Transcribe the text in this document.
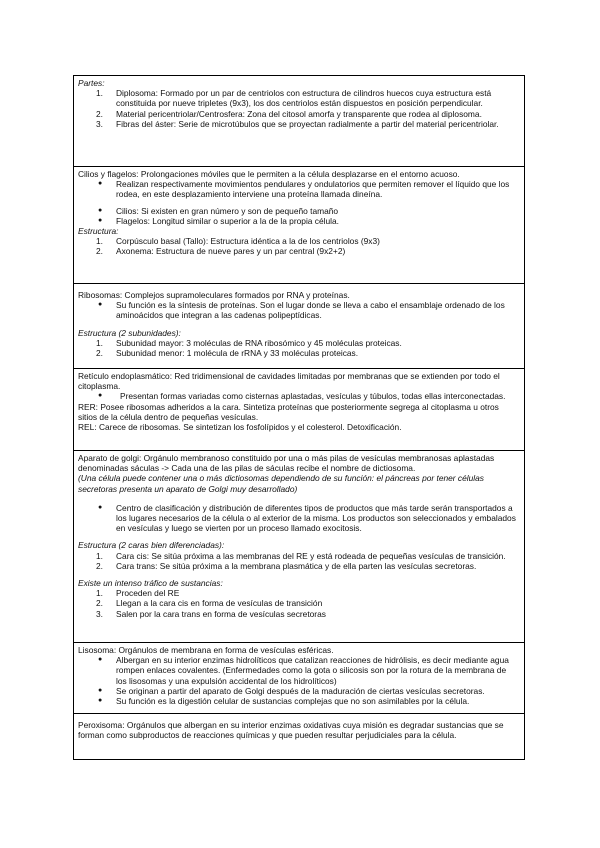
Partes:

1. Diplosoma: Formado por un par de centriolos con estructura de cilindros huecos cuya estructura está constituida por nueve tripletes (9x3), los dos centriolos están dispuestos en posición perpendicular.

2. Material pericentriolar/Centrosfera: Zona del citosol amorfa y transparente que rodea al diplosoma.

3. Fibras del áster: Serie de microtúbulos que se proyectan radialmente a partir del material pericentriolar.

Cilios y flagelos: Prolongaciones móviles que le permiten a la célula desplazarse en el entorno acuoso.

● Realizan respectivamente movimientos pendulares y ondulatorios que permiten remover el líquido que los rodea, en este desplazamiento interviene una proteína llamada dineína.

● Cilios: Si existen en gran número y son de pequeño tamaño

● Flagelos: Longitud similar o superior a la de la propia célula.

Estructura:

1. Corpúsculo basal (Tallo): Estructura idéntica a la de los centriolos (9x3)

2. Axonema: Estructura de nueve pares y un par central (9x2+2)

Ribosomas: Complejos supramoleculares formados por RNA y proteínas.

● Su función es la síntesis de proteínas. Son el lugar donde se lleva a cabo el ensamblaje ordenado de los aminoácidos que integran a las cadenas polipeptídicas.

Estructura (2 subunidades):

1. Subunidad mayor: 3 moléculas de RNA ribosómico y 45 moléculas proteicas.

2. Subunidad menor: 1 molécula de rRNA y 33 moléculas proteicas.

Retículo endoplasmático: Red tridimensional de cavidades limitadas por membranas que se extienden por todo el citoplasma.

● Presentan formas variadas como cisternas aplastadas, vesículas y túbulos, todas ellas interconectadas.

RER: Posee ribosomas adheridos a la cara. Sintetiza proteínas que posteriormente segrega al citoplasma u otros sitios de la célula dentro de pequeñas vesículas.

REL: Carece de ribosomas. Se sintetizan los fosfolípidos y el colesterol. Detoxificación.

Aparato de golgi: Orgánulo membranoso constituido por una o más pilas de vesículas membranosas aplastadas denominadas sáculas -> Cada una de las pilas de sáculas recibe el nombre de dictiosoma.

(Una célula puede contener una o más dictiosomas dependiendo de su función: el páncreas por tener células secretoras presenta un aparato de Golgi muy desarrollado)

● Centro de clasificación y distribución de diferentes tipos de productos que más tarde serán transportados a los lugares necesarios de la célula o al exterior de la misma. Los productos son seleccionados y embalados en vesículas y luego se vierten por un proceso llamado exocitosis.

Estructura (2 caras bien diferenciadas):

1. Cara cis: Se sitúa próxima a las membranas del RE y está rodeada de pequeñas vesículas de transición.

2. Cara trans: Se sitúa próxima a la membrana plasmática y de ella parten las vesículas secretoras.

Existe un intenso tráfico de sustancias:

1. Proceden del RE

2. Llegan a la cara cis en forma de vesículas de transición

3. Salen por la cara trans en forma de vesículas secretoras

Lisosoma: Orgánulos de membrana en forma de vesículas esféricas.

● Albergan en su interior enzimas hidrolíticos que catalizan reacciones de hidrólisis, es decir mediante agua rompen enlaces covalentes. (Enfermedades como la gota o silicosis son por la rotura de la membrana de los lisosomas y una expulsión accidental de los hidrolíticos)

● Se originan a partir del aparato de Golgi después de la maduración de ciertas vesículas secretoras.

● Su función es la digestión celular de sustancias complejas que no son asimilables por la célula.

Peroxisoma: Orgánulos que albergan en su interior enzimas oxidativas cuya misión es degradar sustancias que se forman como subproductos de reacciones químicas y que pueden resultar perjudiciales para la célula.
